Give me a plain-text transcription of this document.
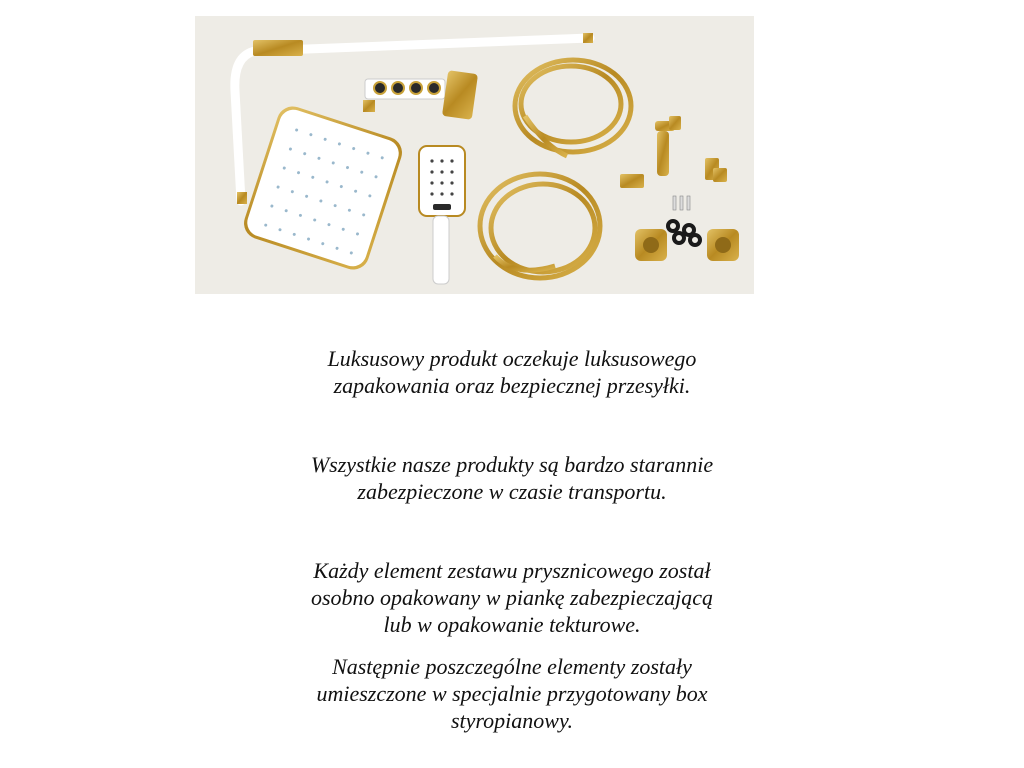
Luksusowy produkt oczekuje luksusowego
zapakowania oraz bezpiecznej przesyłki.
Wszystkie nasze produkty są bardzo starannie
zabezpieczone w czasie transportu.
Każdy element zestawu prysznicowego został
osobno opakowany w piankę zabezpieczającą
lub w opakowanie tekturowe.
Następnie poszczególne elementy zostały
umieszczone w specjalnie przygotowany box
styropianowy.
